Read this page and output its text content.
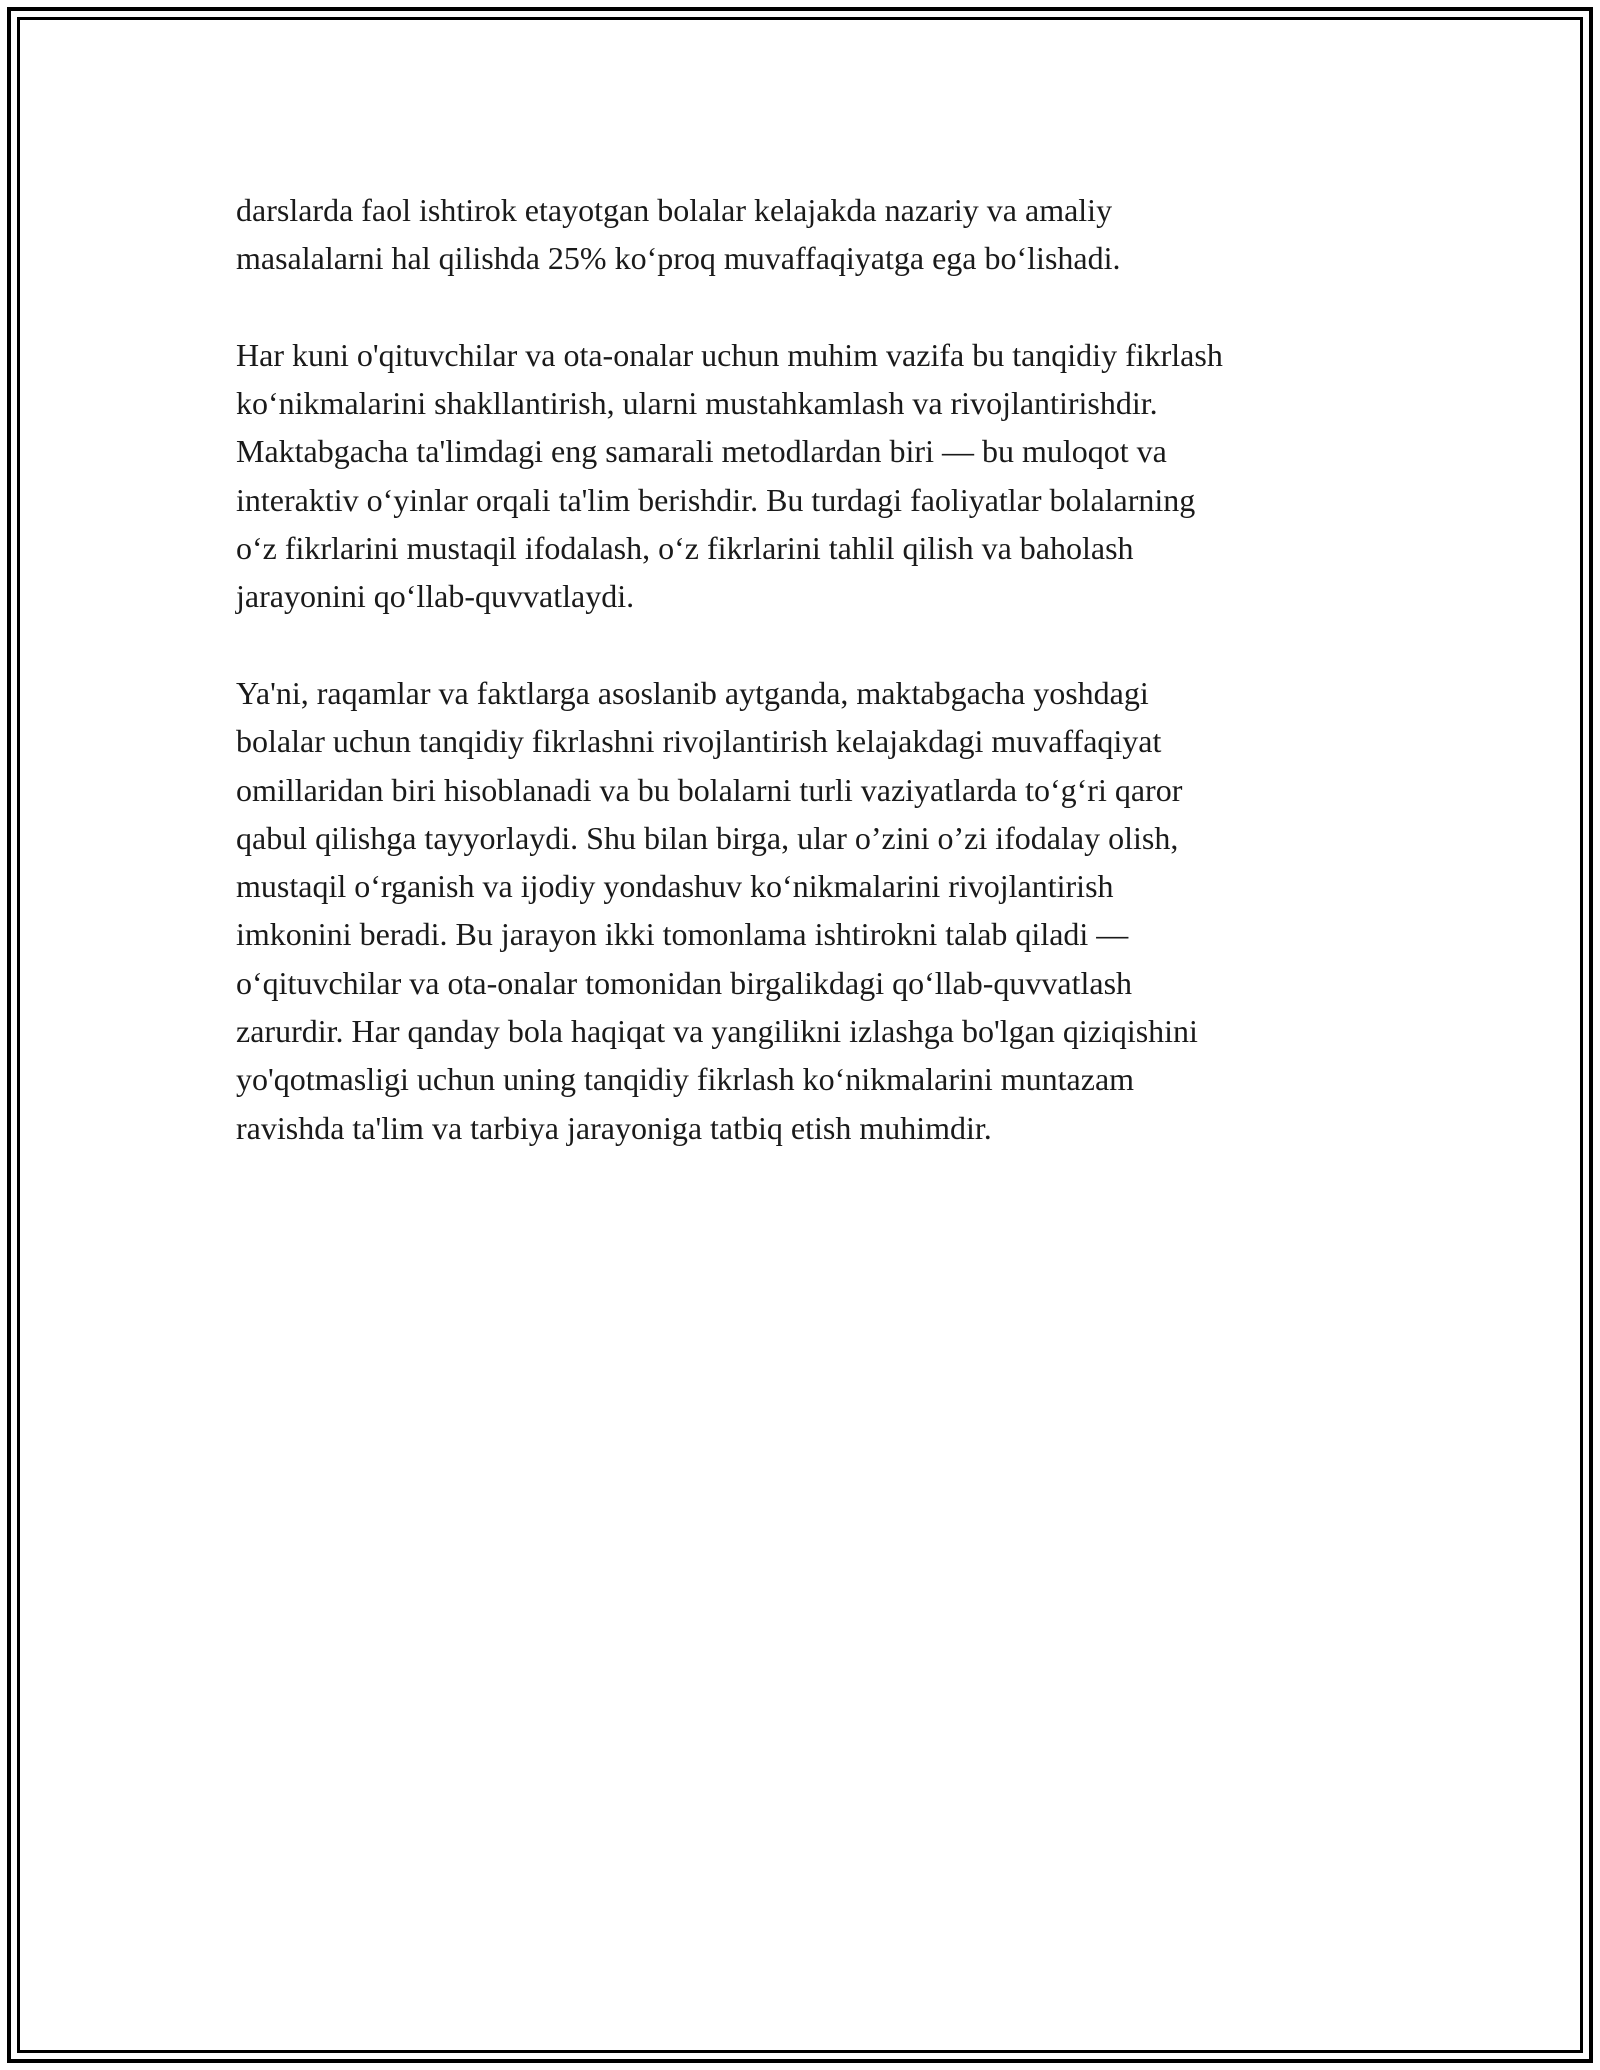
darslarda faol ishtirok etayotgan bolalar kelajakda nazariy va amaliy
masalalarni hal qilishda 25% ko‘proq muvaffaqiyatga ega bo‘lishadi.

Har kuni o'qituvchilar va ota-onalar uchun muhim vazifa bu tanqidiy fikrlash
ko‘nikmalarini shakllantirish, ularni mustahkamlash va rivojlantirishdir.
Maktabgacha ta'limdagi eng samarali metodlardan biri — bu muloqot va
interaktiv o‘yinlar orqali ta'lim berishdir. Bu turdagi faoliyatlar bolalarning
o‘z fikrlarini mustaqil ifodalash, o‘z fikrlarini tahlil qilish va baholash
jarayonini qo‘llab-quvvatlaydi.

Ya'ni, raqamlar va faktlarga asoslanib aytganda, maktabgacha yoshdagi
bolalar uchun tanqidiy fikrlashni rivojlantirish kelajakdagi muvaffaqiyat
omillaridan biri hisoblanadi va bu bolalarni turli vaziyatlarda to‘g‘ri qaror
qabul qilishga tayyorlaydi. Shu bilan birga, ular o’zini o’zi ifodalay olish,
mustaqil o‘rganish va ijodiy yondashuv ko‘nikmalarini rivojlantirish
imkonini beradi. Bu jarayon ikki tomonlama ishtirokni talab qiladi —
o‘qituvchilar va ota-onalar tomonidan birgalikdagi qo‘llab-quvvatlash
zarurdir. Har qanday bola haqiqat va yangilikni izlashga bo'lgan qiziqishini
yo'qotmasligi uchun uning tanqidiy fikrlash ko‘nikmalarini muntazam
ravishda ta'lim va tarbiya jarayoniga tatbiq etish muhimdir.
